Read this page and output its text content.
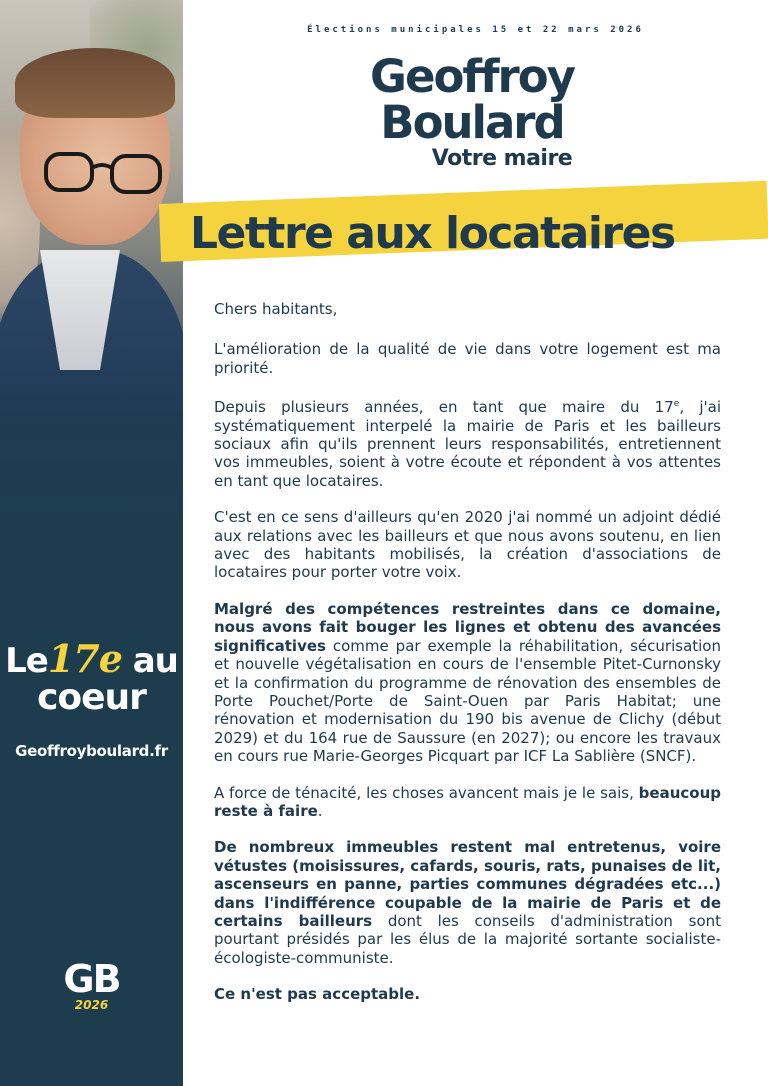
Le17e au
coeur
Geoffroyboulard.fr
GB
2026
Élections municipales 15 et 22 mars 2026
Geoffroy
Boulard
Votre maire
Lettre aux locataires

Chers habitants,

L'amélioration de la qualité de vie dans votre logement est ma priorité.

Depuis plusieurs années, en tant que maire du 17e, j'ai systématiquement interpelé la mairie de Paris et les bailleurs sociaux afin qu'ils prennent leurs responsabilités, entretiennent vos immeubles, soient à votre écoute et répondent à vos attentes en tant que locataires.

C'est en ce sens d'ailleurs qu'en 2020 j'ai nommé un adjoint dédié aux relations avec les bailleurs et que nous avons soutenu, en lien avec des habitants mobilisés, la création d'associations de locataires pour porter votre voix.

Malgré des compétences restreintes dans ce domaine, nous avons fait bouger les lignes et obtenu des avancées significatives comme par exemple la réhabilitation, sécurisation et nouvelle végétalisation en cours de l'ensemble Pitet-Curnonsky et la confirmation du programme de rénovation des ensembles de Porte Pouchet/Porte de Saint-Ouen par Paris Habitat; une rénovation et modernisation du 190 bis avenue de Clichy (début 2029) et du 164 rue de Saussure (en 2027); ou encore les travaux en cours rue Marie-Georges Picquart par ICF La Sablière (SNCF).

A force de ténacité, les choses avancent mais je le sais, beaucoup reste à faire.

De nombreux immeubles restent mal entretenus, voire vétustes (moisissures, cafards, souris, rats, punaises de lit, ascenseurs en panne, parties communes dégradées etc...) dans l'indifférence coupable de la mairie de Paris et de certains bailleurs dont les conseils d'administration sont pourtant présidés par les élus de la majorité sortante socialiste-écologiste-communiste.

Ce n'est pas acceptable.
